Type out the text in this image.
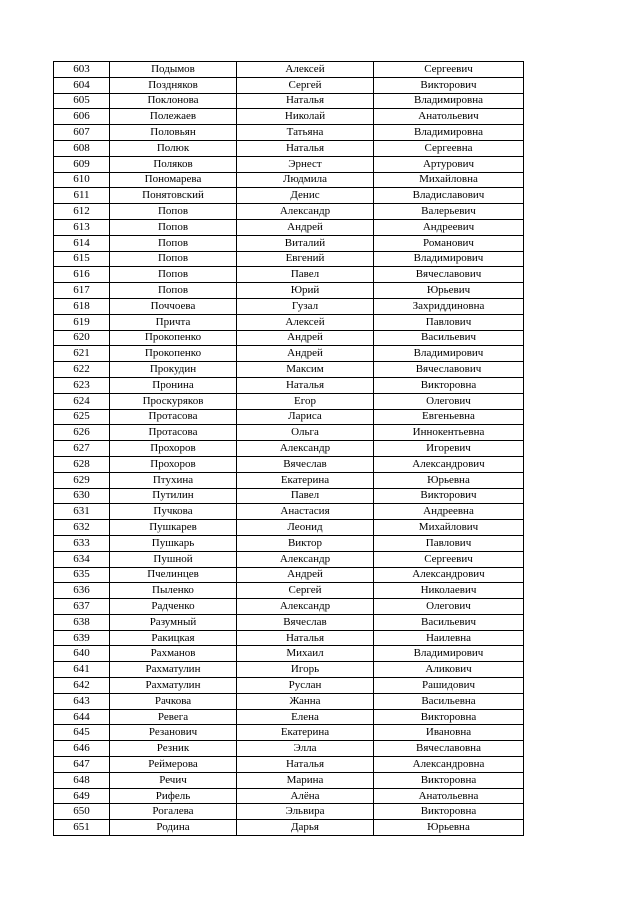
603	Подымов	Алексей	Сергеевич
604	Поздняков	Сергей	Викторович
605	Поклонова	Наталья	Владимировна
606	Полежаев	Николай	Анатольевич
607	Половьян	Татьяна	Владимировна
608	Полюк	Наталья	Сергеевна
609	Поляков	Эрнест	Артурович
610	Пономарева	Людмила	Михайловна
611	Понятовский	Денис	Владиславович
612	Попов	Александр	Валерьевич
613	Попов	Андрей	Андреевич
614	Попов	Виталий	Романович
615	Попов	Евгений	Владимирович
616	Попов	Павел	Вячеславович
617	Попов	Юрий	Юрьевич
618	Поччоева	Гузал	Захриддиновна
619	Причта	Алексей	Павлович
620	Прокопенко	Андрей	Васильевич
621	Прокопенко	Андрей	Владимирович
622	Прокудин	Максим	Вячеславович
623	Пронина	Наталья	Викторовна
624	Проскуряков	Егор	Олегович
625	Протасова	Лариса	Евгеньевна
626	Протасова	Ольга	Иннокентьевна
627	Прохоров	Александр	Игоревич
628	Прохоров	Вячеслав	Александрович
629	Птухина	Екатерина	Юрьевна
630	Путилин	Павел	Викторович
631	Пучкова	Анастасия	Андреевна
632	Пушкарев	Леонид	Михайлович
633	Пушкарь	Виктор	Павлович
634	Пушной	Александр	Сергеевич
635	Пчелинцев	Андрей	Александрович
636	Пыленко	Сергей	Николаевич
637	Радченко	Александр	Олегович
638	Разумный	Вячеслав	Васильевич
639	Ракицкая	Наталья	Наилевна
640	Рахманов	Михаил	Владимирович
641	Рахматулин	Игорь	Аликович
642	Рахматулин	Руслан	Рашидович
643	Рачкова	Жанна	Васильевна
644	Ревега	Елена	Викторовна
645	Резанович	Екатерина	Ивановна
646	Резник	Элла	Вячеславовна
647	Реймерова	Наталья	Александровна
648	Речич	Марина	Викторовна
649	Рифель	Алёна	Анатольевна
650	Рогалева	Эльвира	Викторовна
651	Родина	Дарья	Юрьевна
